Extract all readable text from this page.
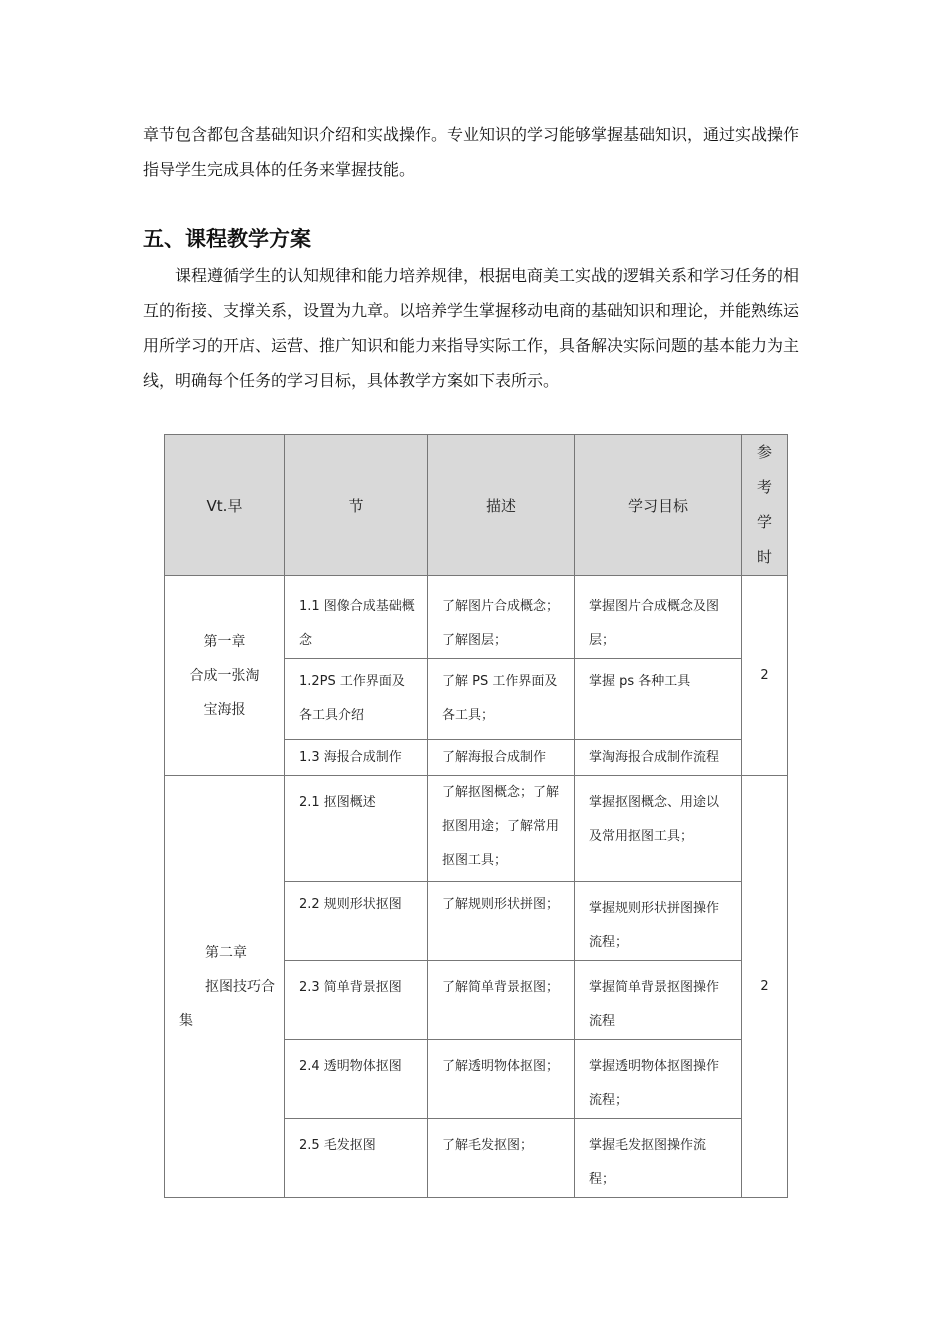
章节包含都包含基础知识介绍和实战操作。专业知识的学习能够掌握基础知识，通过实战操作指导学生完成具体的任务来掌握技能。

五、课程教学方案

课程遵循学生的认知规律和能力培养规律，根据电商美工实战的逻辑关系和学习任务的相互的衔接、支撑关系，设置为九章。以培养学生掌握移动电商的基础知识和理论，并能熟练运用所学习的开店、运营、推广知识和能力来指导实际工作，具备解决实际问题的基本能力为主线，明确每个任务的学习目标，具体教学方案如下表所示。

Vt.早	节	描述	学习目标	参
考
学
时

第一章
合成一张淘
宝海报	1.1 图像合成基础概念	了解图片合成概念；了解图层；	掌握图片合成概念及图层；	2
	1.2PS 工作界面及各工具介绍	了解 PS 工作界面及各工具；	掌握 ps 各种工具	
	1.3 海报合成制作	了解海报合成制作	掌淘海报合成制作流程	

第二章
抠图技巧合
集	2.1 抠图概述	了解抠图概念；了解抠图用途；了解常用抠图工具；	掌握抠图概念、用途以及常用抠图工具；	2
	2.2 规则形状抠图	了解规则形状拼图；	掌握规则形状拼图操作流程；	
	2.3 简单背景抠图	了解简单背景抠图；	掌握简单背景抠图操作流程	
	2.4 透明物体抠图	了解透明物体抠图；	掌握透明物体抠图操作流程；	
	2.5 毛发抠图	了解毛发抠图；	掌握毛发抠图操作流程；	
